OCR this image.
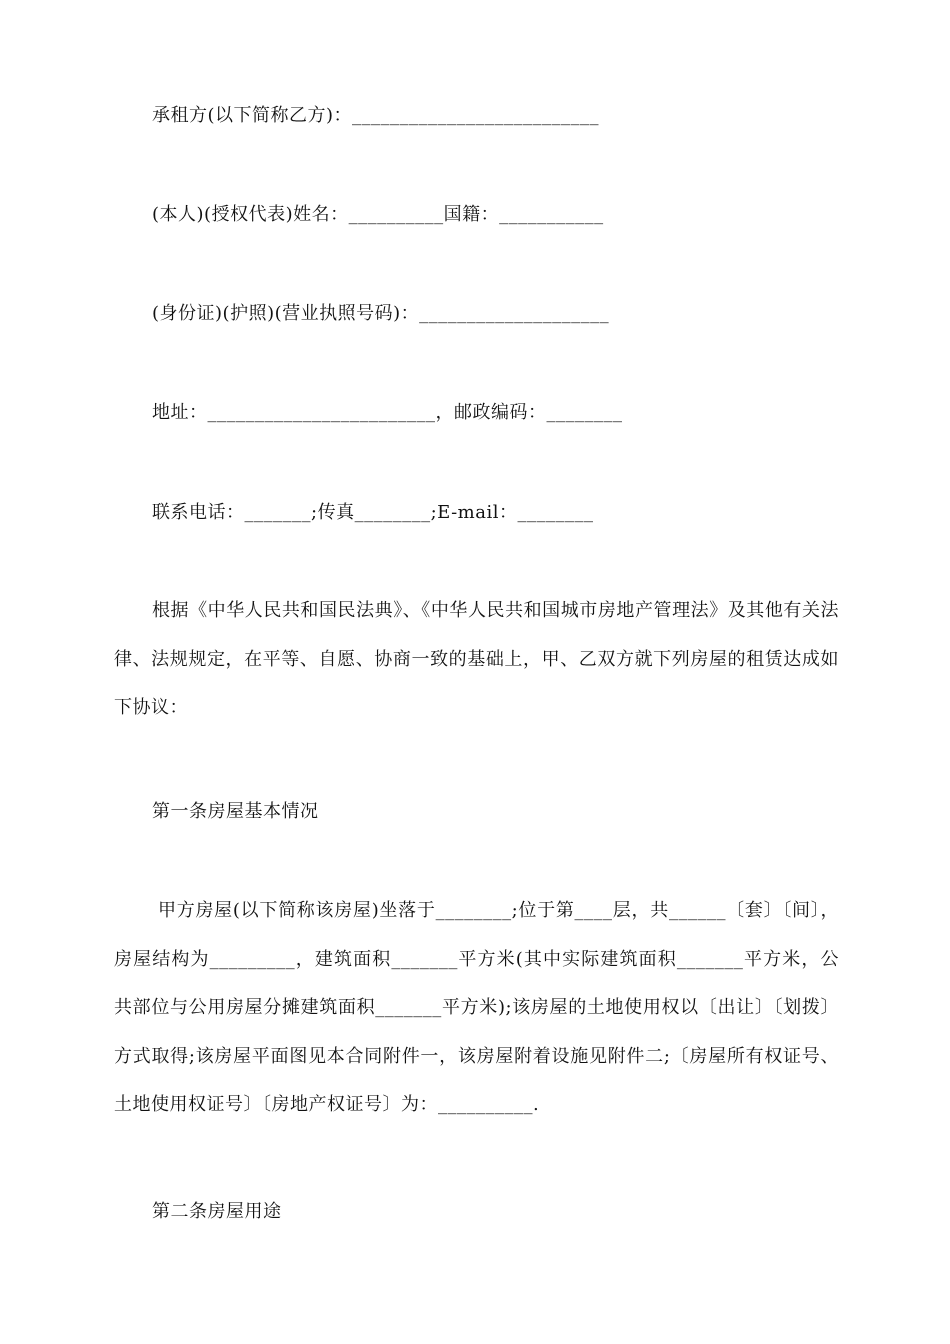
承租方(以下简称乙方)：__________________________
(本人)(授权代表)姓名：__________国籍：___________
(身份证)(护照)(营业执照号码)：____________________
地址：________________________，邮政编码：________
联系电话：_______;传真________;E-mail：________
根据《中华人民共和国民法典》、《中华人民共和国城市房地产管理法》及其他有关法律、法规规定，在平等、自愿、协商一致的基础上，甲、乙双方就下列房屋的租赁达成如下协议：
第一条房屋基本情况
甲方房屋(以下简称该房屋)坐落于________;位于第____层，共______〔套〕〔间〕，房屋结构为_________，建筑面积_______平方米(其中实际建筑面积_______平方米，公共部位与公用房屋分摊建筑面积_______平方米);该房屋的土地使用权以〔出让〕〔划拨〕方式取得;该房屋平面图见本合同附件一，该房屋附着设施见附件二;〔房屋所有权证号、土地使用权证号〕〔房地产权证号〕为：__________.
第二条房屋用途
